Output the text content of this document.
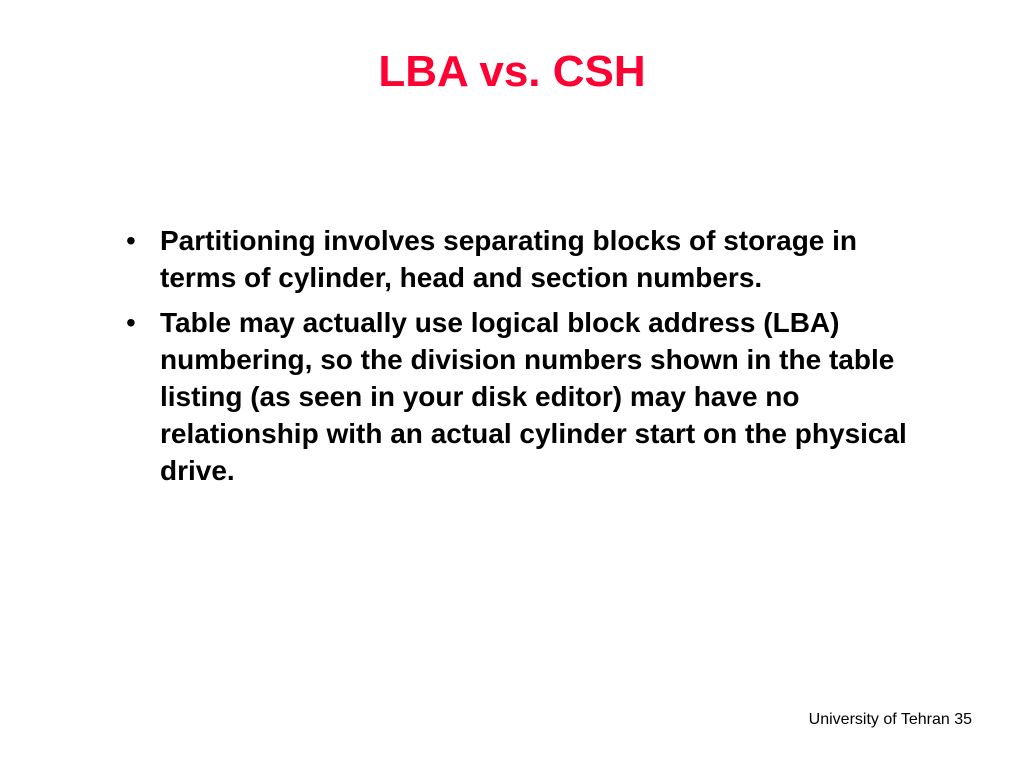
LBA vs. CSH
• Partitioning involves separating blocks of storage in terms of cylinder, head and section numbers.
• Table may actually use logical block address (LBA) numbering, so the division numbers shown in the table listing (as seen in your disk editor) may have no relationship with an actual cylinder start on the physical drive.
University of Tehran 35
